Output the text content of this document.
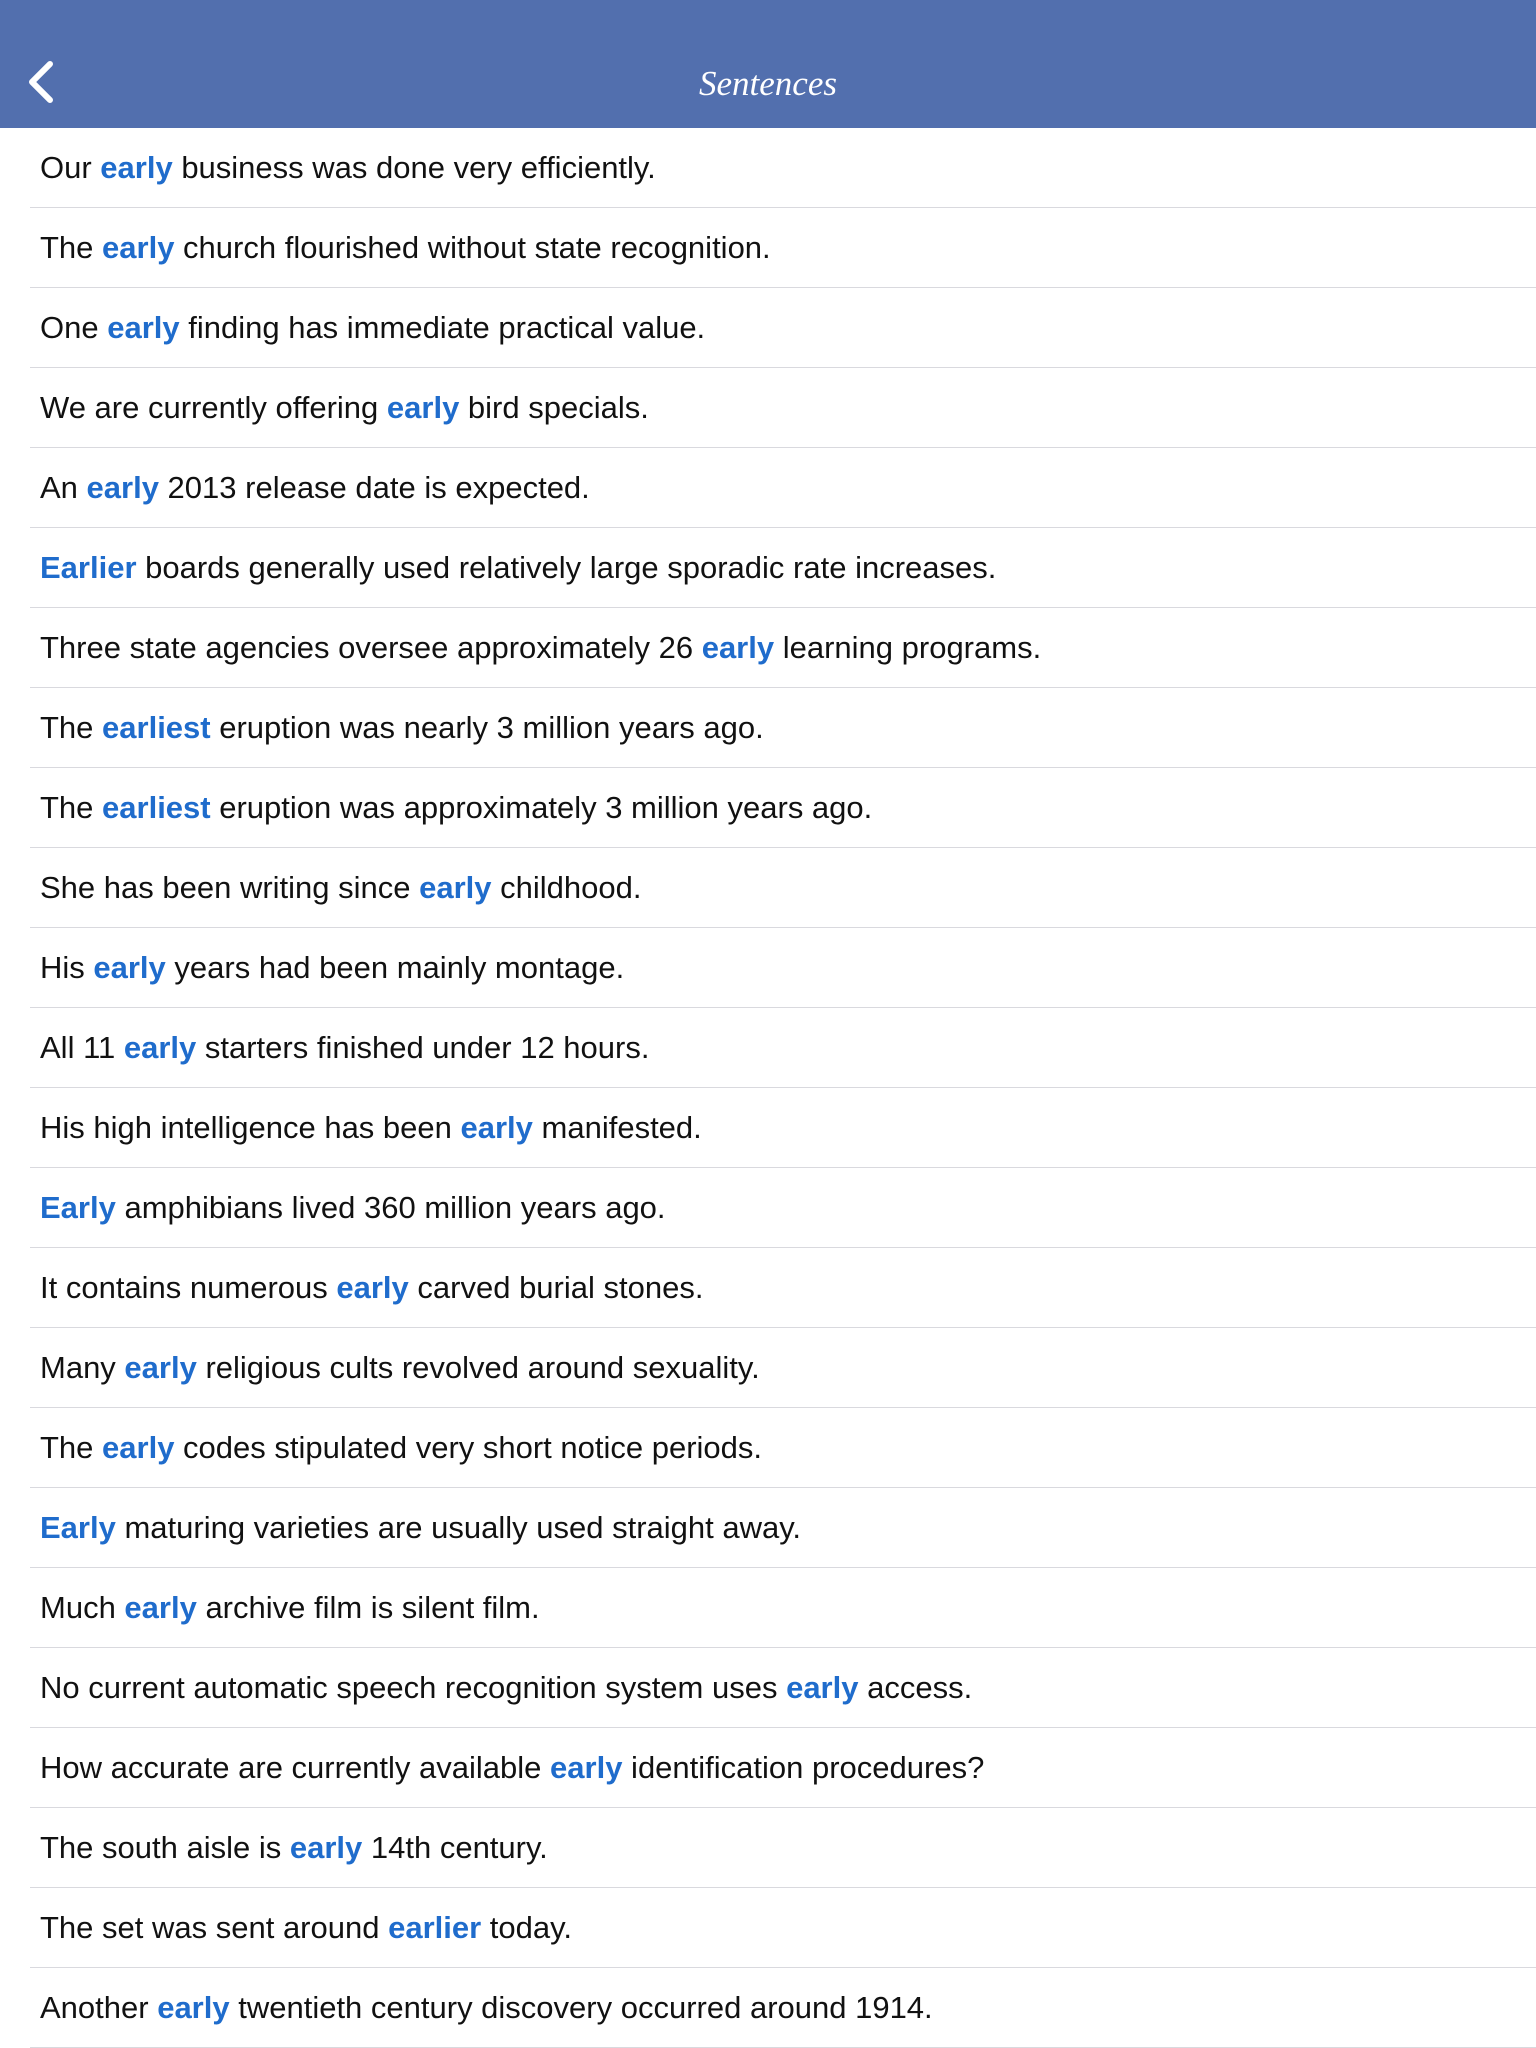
Sentences
Our early business was done very efficiently.
The early church flourished without state recognition.
One early finding has immediate practical value.
We are currently offering early bird specials.
An early 2013 release date is expected.
Earlier boards generally used relatively large sporadic rate increases.
Three state agencies oversee approximately 26 early learning programs.
The earliest eruption was nearly 3 million years ago.
The earliest eruption was approximately 3 million years ago.
She has been writing since early childhood.
His early years had been mainly montage.
All 11 early starters finished under 12 hours.
His high intelligence has been early manifested.
Early amphibians lived 360 million years ago.
It contains numerous early carved burial stones.
Many early religious cults revolved around sexuality.
The early codes stipulated very short notice periods.
Early maturing varieties are usually used straight away.
Much early archive film is silent film.
No current automatic speech recognition system uses early access.
How accurate are currently available early identification procedures?
The south aisle is early 14th century.
The set was sent around earlier today.
Another early twentieth century discovery occurred around 1914.
